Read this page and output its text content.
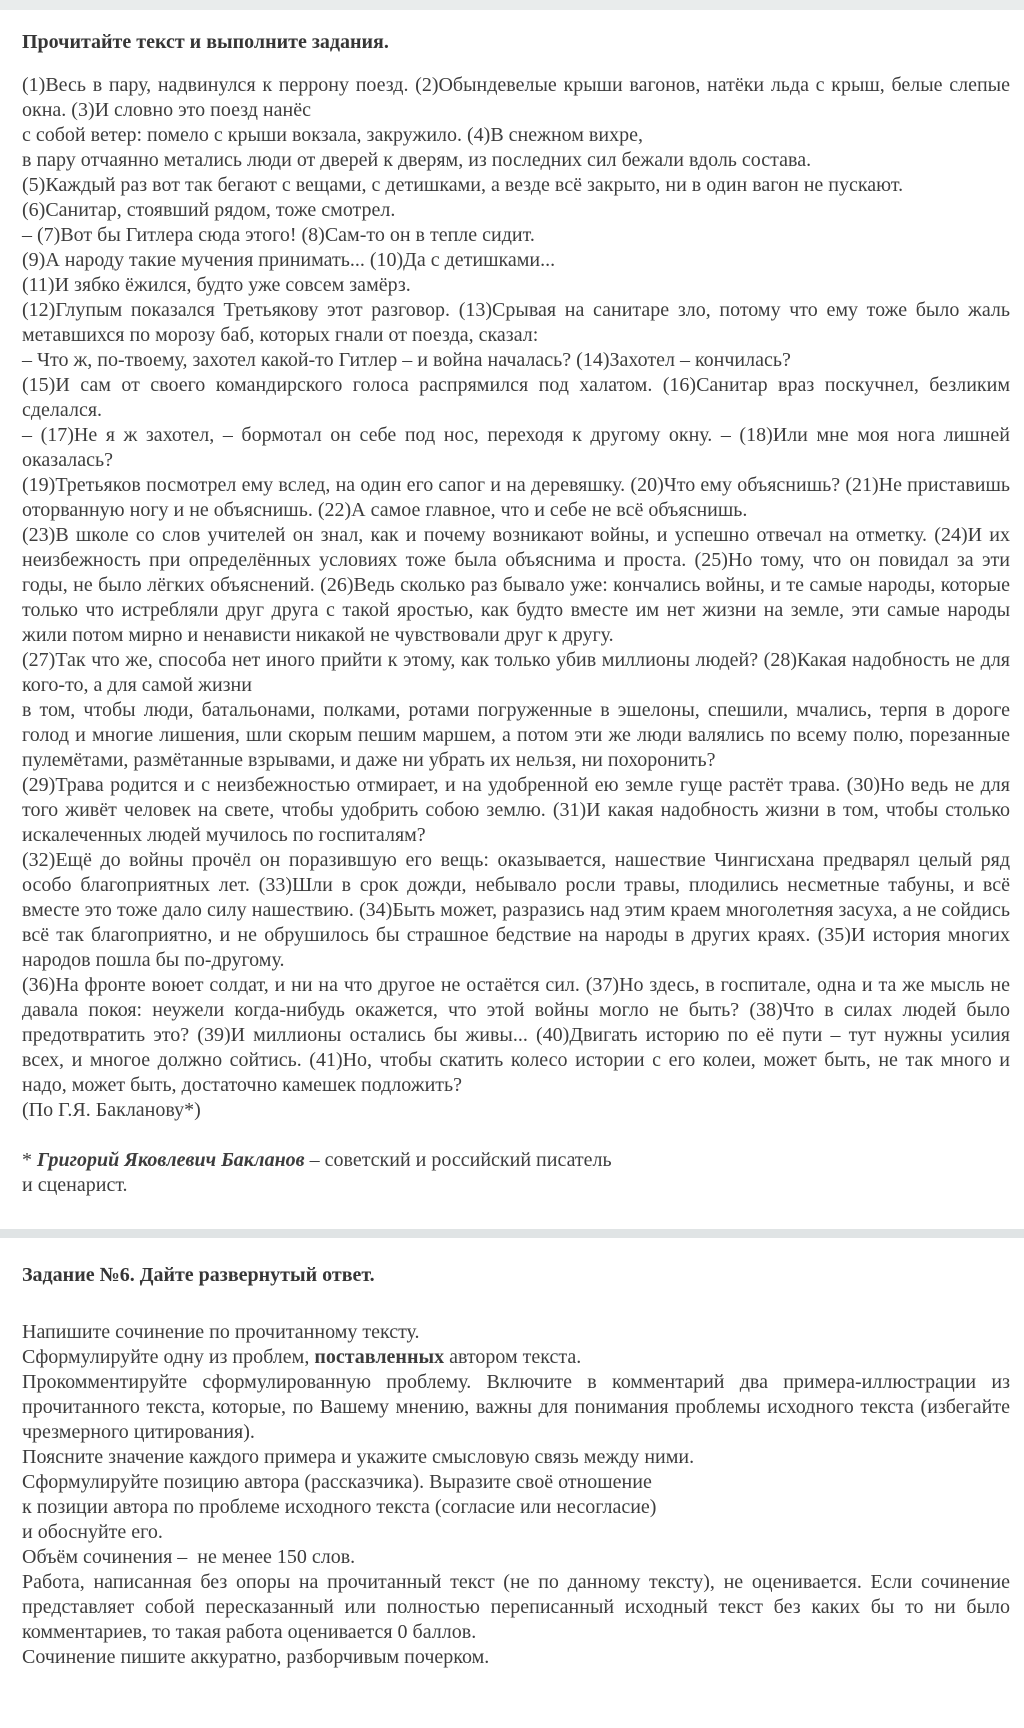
Прочитайте текст и выполните задания.

(1)Весь в пару, надвинулся к перрону поезд. (2)Обындевелые крыши вагонов, натёки льда с крыш, белые слепые окна. (3)И словно это поезд нанёс

с собой ветер: помело с крыши вокзала, закружило. (4)В снежном вихре,

в пару отчаянно метались люди от дверей к дверям, из последних сил бежали вдоль состава.

(5)Каждый раз вот так бегают с вещами, с детишками, а везде всё закрыто, ни в один вагон не пускают.

(6)Санитар, стоявший рядом, тоже смотрел.

– (7)Вот бы Гитлера сюда этого! (8)Сам-то он в тепле сидит.

(9)А народу такие мучения принимать... (10)Да с детишками...

(11)И зябко ёжился, будто уже совсем замёрз.

(12)Глупым показался Третьякову этот разговор. (13)Срывая на санитаре зло, потому что ему тоже было жаль метавшихся по морозу баб, которых гнали от поезда, сказал:

– Что ж, по-твоему, захотел какой-то Гитлер – и война началась? (14)Захотел – кончилась?

(15)И сам от своего командирского голоса распрямился под халатом. (16)Санитар враз поскучнел, безликим сделался.

– (17)Не я ж захотел, – бормотал он себе под нос, переходя к другому окну. – (18)Или мне моя нога лишней оказалась?

(19)Третьяков посмотрел ему вслед, на один его сапог и на деревяшку. (20)Что ему объяснишь? (21)Не приставишь оторванную ногу и не объяснишь. (22)А самое главное, что и себе не всё объяснишь.

(23)В школе со слов учителей он знал, как и почему возникают войны, и успешно отвечал на отметку. (24)И их неизбежность при определённых условиях тоже была объяснима и проста. (25)Но тому, что он повидал за эти годы, не было лёгких объяснений. (26)Ведь сколько раз бывало уже: кончались войны, и те самые народы, которые только что истребляли друг друга с такой яростью, как будто вместе им нет жизни на земле, эти самые народы жили потом мирно и ненависти никакой не чувствовали друг к другу.

(27)Так что же, способа нет иного прийти к этому, как только убив миллионы людей? (28)Какая надобность не для кого-то, а для самой жизни

в том, чтобы люди, батальонами, полками, ротами погруженные в эшелоны, спешили, мчались, терпя в дороге голод и многие лишения, шли скорым пешим маршем, а потом эти же люди валялись по всему полю, порезанные пулемётами, размётанные взрывами, и даже ни убрать их нельзя, ни похоронить?

(29)Трава родится и с неизбежностью отмирает, и на удобренной ею земле гуще растёт трава. (30)Но ведь не для того живёт человек на свете, чтобы удобрить собою землю. (31)И какая надобность жизни в том, чтобы столько искалеченных людей мучилось по госпиталям?

(32)Ещё до войны прочёл он поразившую его вещь: оказывается, нашествие Чингисхана предварял целый ряд особо благоприятных лет. (33)Шли в срок дожди, небывало росли травы, плодились несметные табуны, и всё вместе это тоже дало силу нашествию. (34)Быть может, разразись над этим краем многолетняя засуха, а не сойдись всё так благоприятно, и не обрушилось бы страшное бедствие на народы в других краях. (35)И история многих народов пошла бы по-другому.

(36)На фронте воюет солдат, и ни на что другое не остаётся сил. (37)Но здесь, в госпитале, одна и та же мысль не давала покоя: неужели когда-нибудь окажется, что этой войны могло не быть? (38)Что в силах людей было предотвратить это? (39)И миллионы остались бы живы... (40)Двигать историю по её пути – тут нужны усилия всех, и многое должно сойтись. (41)Но, чтобы скатить колесо истории с его колеи, может быть, не так много и надо, может быть, достаточно камешек подложить?

(По Г.Я. Бакланову*)

* Григорий Яковлевич Бакланов – советский и российский писатель

и сценарист.

Задание №6. Дайте развернутый ответ.

Напишите сочинение по прочитанному тексту.

Сформулируйте одну из проблем, поставленных автором текста.

Прокомментируйте сформулированную проблему. Включите в комментарий два примера-иллюстрации из прочитанного текста, которые, по Вашему мнению, важны для понимания проблемы исходного текста (избегайте чрезмерного цитирования).

Поясните значение каждого примера и укажите смысловую связь между ними.

Сформулируйте позицию автора (рассказчика). Выразите своё отношение

к позиции автора по проблеме исходного текста (согласие или несогласие)

и обоснуйте его.

Объём сочинения –  не менее 150 слов.

Работа, написанная без опоры на прочитанный текст (не по данному тексту), не оценивается. Если сочинение представляет собой пересказанный или полностью переписанный исходный текст без каких бы то ни было комментариев, то такая работа оценивается 0 баллов.

Сочинение пишите аккуратно, разборчивым почерком.
